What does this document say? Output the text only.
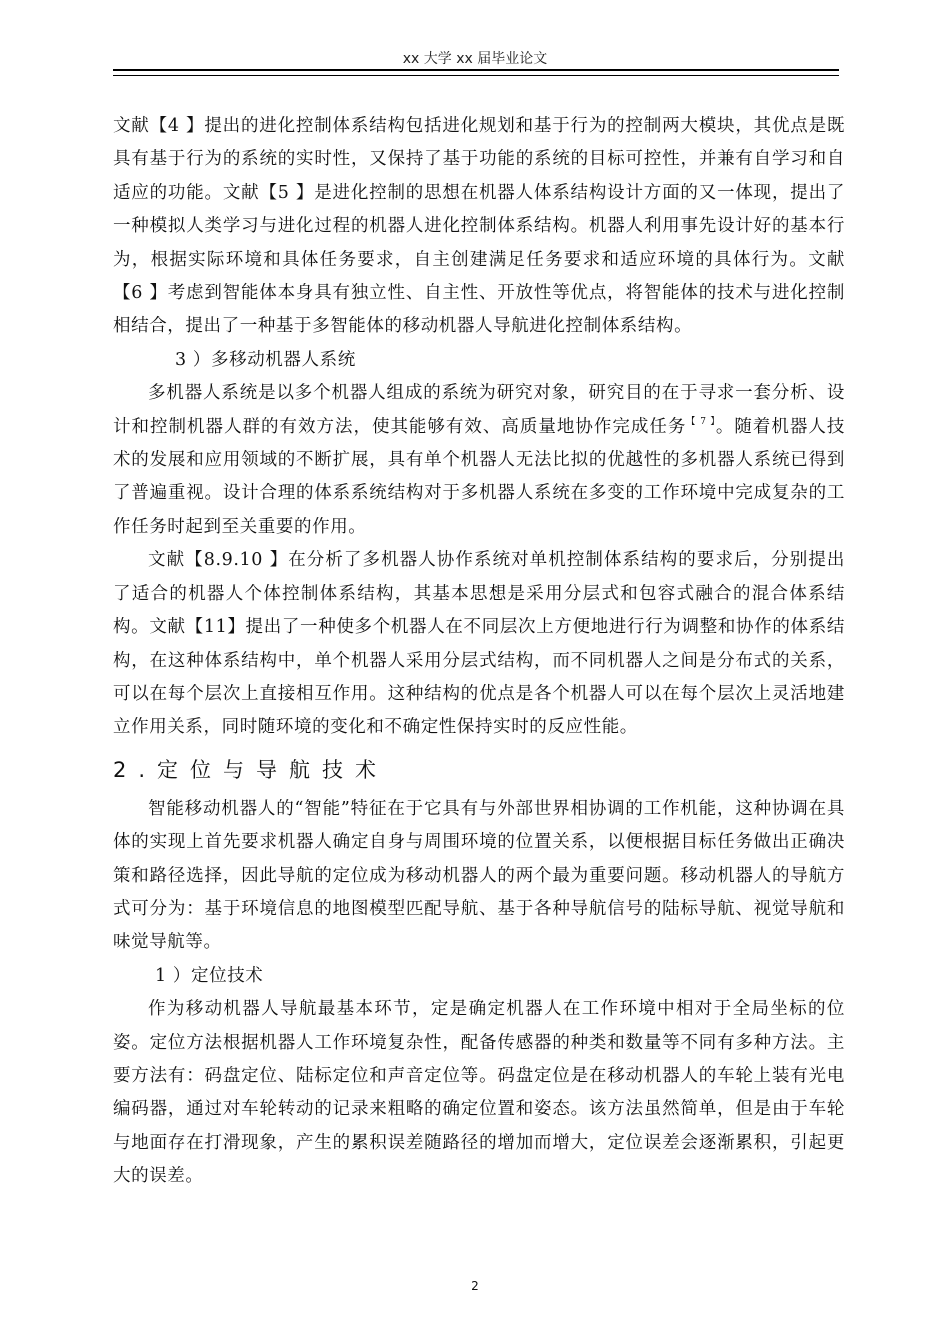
xx 大学 xx 届毕业论文

文献【4 】提出的进化控制体系结构包括进化规划和基于行为的控制两大模块，其优点是既具有基于行为的系统的实时性，又保持了基于功能的系统的目标可控性，并兼有自学习和自适应的功能。文献【5 】是进化控制的思想在机器人体系结构设计方面的又一体现，提出了一种模拟人类学习与进化过程的机器人进化控制体系结构。机器人利用事先设计好的基本行为，根据实际环境和具体任务要求，自主创建满足任务要求和适应环境的具体行为。文献【6 】考虑到智能体本身具有独立性、自主性、开放性等优点，将智能体的技术与进化控制相结合，提出了一种基于多智能体的移动机器人导航进化控制体系结构。

3 ）多移动机器人系统

多机器人系统是以多个机器人组成的系统为研究对象，研究目的在于寻求一套分析、设计和控制机器人群的有效方法，使其能够有效、高质量地协作完成任务$^{【 7 】}$。随着机器人技术的发展和应用领域的不断扩展，具有单个机器人无法比拟的优越性的多机器人系统已得到了普遍重视。设计合理的体系系统结构对于多机器人系统在多变的工作环境中完成复杂的工作任务时起到至关重要的作用。

文献【8.9.10 】在分析了多机器人协作系统对单机控制体系结构的要求后，分别提出了适合的机器人个体控制体系结构，其基本思想是采用分层式和包容式融合的混合体系结构。文献【11】提出了一种使多个机器人在不同层次上方便地进行行为调整和协作的体系结构，在这种体系结构中，单个机器人采用分层式结构，而不同机器人之间是分布式的关系，可以在每个层次上直接相互作用。这种结构的优点是各个机器人可以在每个层次上灵活地建立作用关系，同时随环境的变化和不确定性保持实时的反应性能。

2.定位与导航技术

智能移动机器人的“智能”特征在于它具有与外部世界相协调的工作机能，这种协调在具体的实现上首先要求机器人确定自身与周围环境的位置关系，以便根据目标任务做出正确决策和路径选择，因此导航的定位成为移动机器人的两个最为重要问题。移动机器人的导航方式可分为：基于环境信息的地图模型匹配导航、基于各种导航信号的陆标导航、视觉导航和味觉导航等。

1 ）定位技术

作为移动机器人导航最基本环节，定是确定机器人在工作环境中相对于全局坐标的位姿。定位方法根据机器人工作环境复杂性，配备传感器的种类和数量等不同有多种方法。主要方法有：码盘定位、陆标定位和声音定位等。码盘定位是在移动机器人的车轮上装有光电编码器，通过对车轮转动的记录来粗略的确定位置和姿态。该方法虽然简单，但是由于车轮与地面存在打滑现象，产生的累积误差随路径的增加而增大，定位误差会逐渐累积，引起更大的误差。

2
